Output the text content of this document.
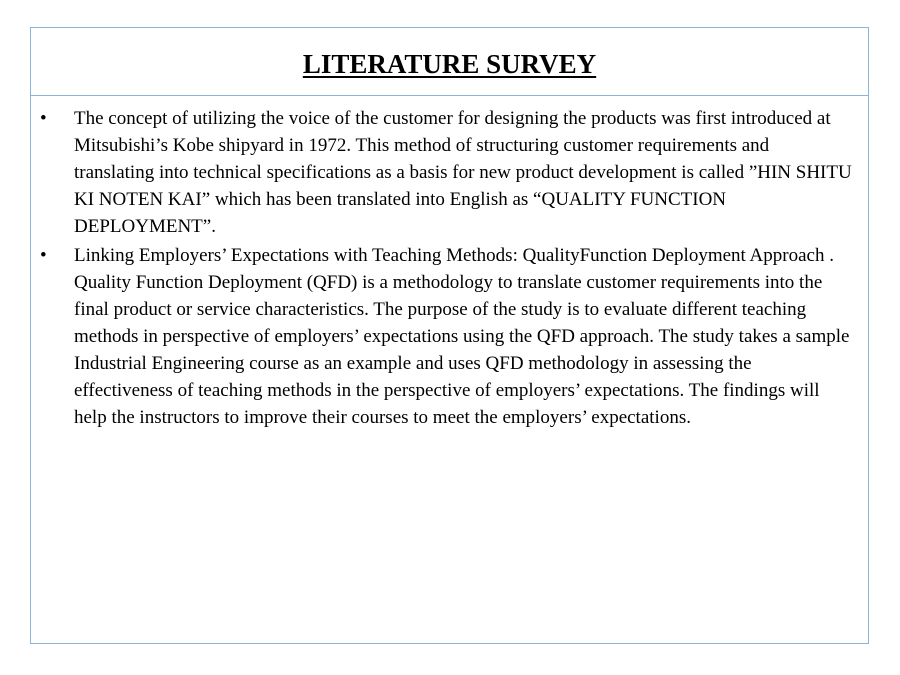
LITERATURE SURVEY
• The concept of utilizing the voice of the customer for designing the products was first introduced at Mitsubishi’s Kobe shipyard in 1972. This method of structuring customer requirements and translating into technical specifications as a basis for new product development is called ”HIN SHITU KI NOTEN KAI” which has been translated into English as “QUALITY FUNCTION DEPLOYMENT”.
• Linking Employers’ Expectations with Teaching Methods: QualityFunction Deployment Approach . Quality Function Deployment (QFD) is a methodology to translate customer requirements into the final product or service characteristics. The purpose of the study is to evaluate different teaching methods in perspective of employers’ expectations using the QFD approach. The study takes a sample Industrial Engineering course as an example and uses QFD methodology in assessing the effectiveness of teaching methods in the perspective of employers’ expectations. The findings will help the instructors to improve their courses to meet the employers’ expectations.
